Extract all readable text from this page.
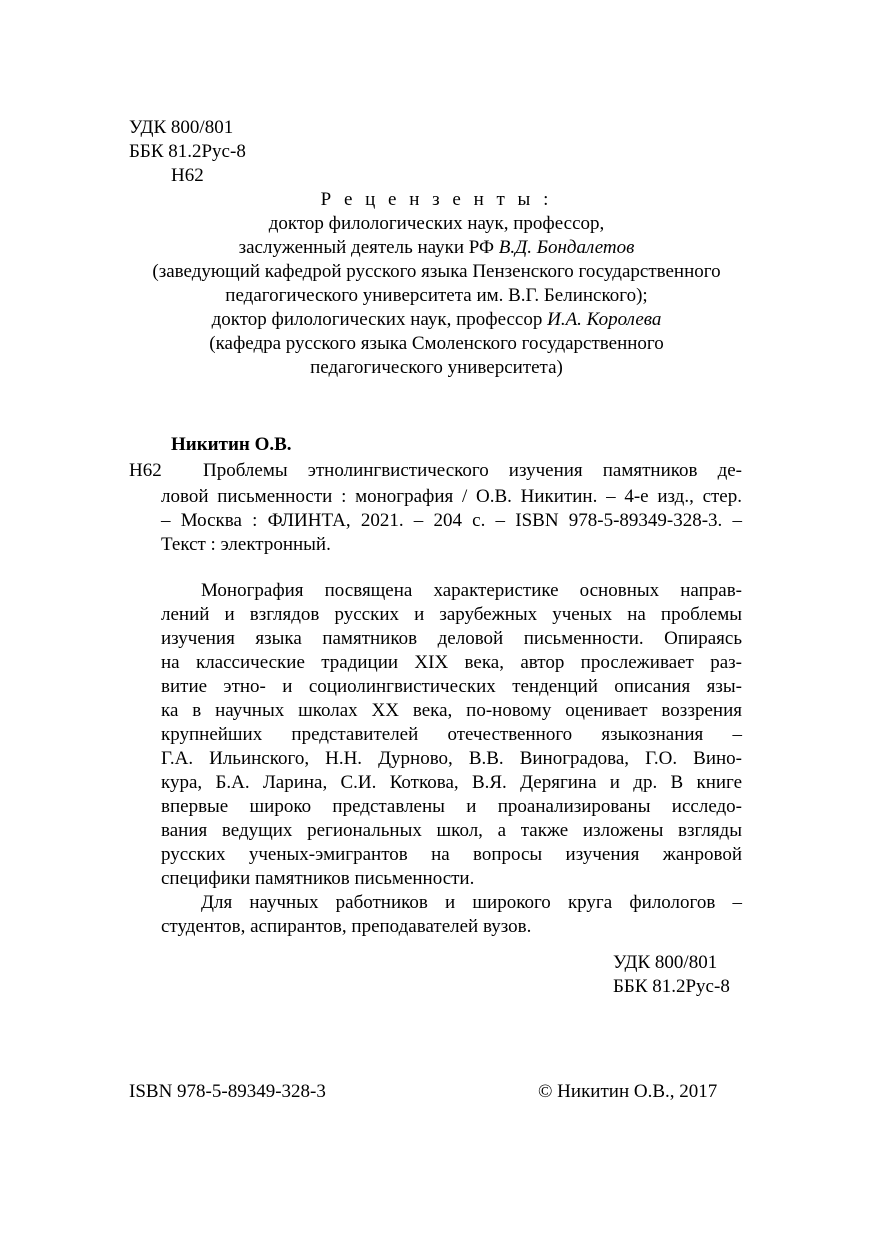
УДК 800/801
ББК 81.2Рус-8
Н62
Р е ц е н з е н т ы :
доктор филологических наук, профессор,
заслуженный деятель науки РФ В.Д. Бондалетов
(заведующий кафедрой русского языка Пензенского государственного
педагогического университета им. В.Г. Белинского);
доктор филологических наук, профессор И.А. Королева
(кафедра русского языка Смоленского государственного
педагогического университета)
Никитин О.В.
Н62 Проблемы этнолингвистического изучения памятников де-
ловой письменности : монография / О.В. Никитин. – 4-е изд., стер.
– Москва : ФЛИНТА, 2021. – 204 с. – ISBN 978-5-89349-328-3. –
Текст : электронный.
Монография посвящена характеристике основных направ-
лений и взглядов русских и зарубежных ученых на проблемы
изучения языка памятников деловой письменности. Опираясь
на классические традиции XIX века, автор прослеживает раз-
витие этно- и социолингвистических тенденций описания язы-
ка в научных школах XX века, по-новому оценивает воззрения
крупнейших представителей отечественного языкознания –
Г.А. Ильинского, Н.Н. Дурново, В.В. Виноградова, Г.О. Вино-
кура, Б.А. Ларина, С.И. Коткова, В.Я. Дерягина и др. В книге
впервые широко представлены и проанализированы исследо-
вания ведущих региональных школ, а также изложены взгляды
русских ученых-эмигрантов на вопросы изучения жанровой
специфики памятников письменности.
Для научных работников и широкого круга филологов –
студентов, аспирантов, преподавателей вузов.
УДК 800/801
ББК 81.2Рус-8
ISBN 978-5-89349-328-3	© Никитин О.В., 2017
